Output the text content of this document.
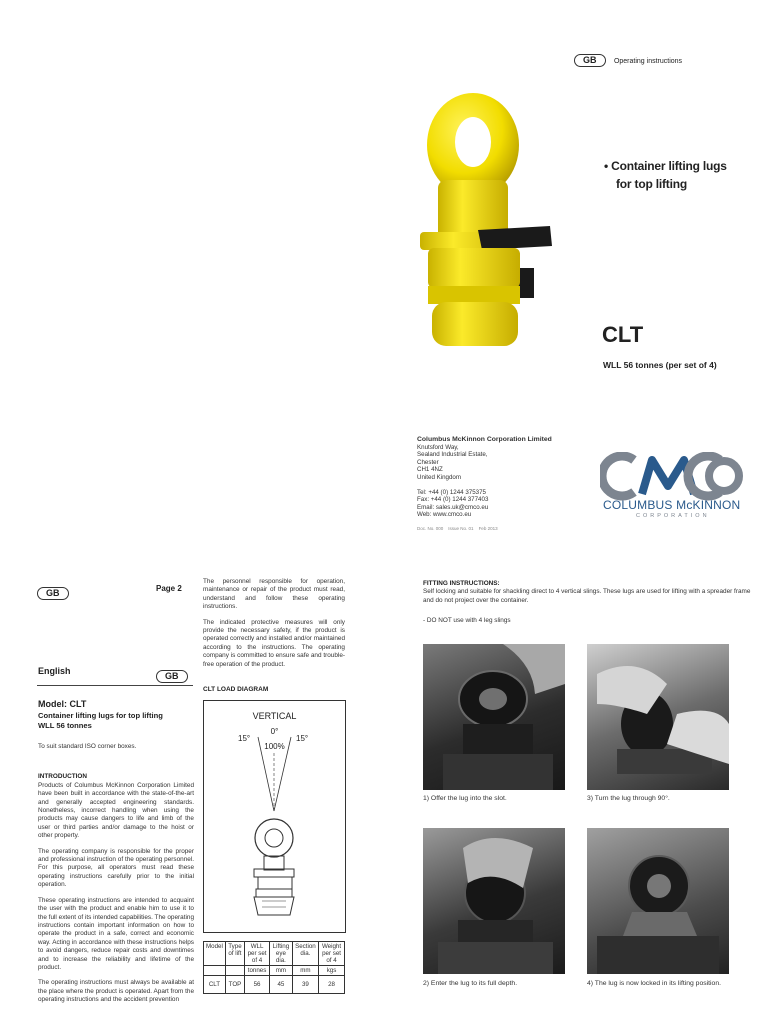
GB Operating instructions
• Container lifting lugs
for top lifting
CLT
WLL 56 tonnes (per set of 4)
Columbus McKinnon Corporation Limited
Knutsford Way,
Sealand Industrial Estate,
Chester
CH1 4NZ
United Kingdom
Tel: +44 (0) 1244 375375
Fax: +44 (0) 1244 377403
Email: sales.uk@cmco.eu
Web: www.cmco.eu
Doc. No. 000 Issue No. 01 Feb 2013
COLUMBUS McKINNON
CORPORATION
GB	Page 2
English	GB
Model: CLT
Container lifting lugs for top lifting
WLL 56 tonnes
To suit standard ISO corner boxes.
INTRODUCTION

Products of Columbus McKinnon Corporation Limited have been built in accordance with the state-of-the-art and generally accepted engineering standards. Nonetheless, incorrect handling when using the products may cause dangers to life and limb of the user or third parties and/or damage to the hoist or other property.

The operating company is responsible for the proper and professional instruction of the operating personnel. For this purpose, all operators must read these operating instructions carefully prior to the initial operation.

These operating instructions are intended to acquaint the user with the product and enable him to use it to the full extent of its intended capabilities. The operating instructions contain important information on how to operate the product in a safe, correct and economic way. Acting in accordance with these instructions helps to avoid dangers, reduce repair costs and downtimes and to increase the reliability and lifetime of the product.

The operating instructions must always be available at the place where the product is operated. Apart from the operating instructions and the accident prevention

The personnel responsible for operation, maintenance or repair of the product must read, understand and follow these operating instructions.

The indicated protective measures will only provide the necessary safety, if the product is operated correctly and installed and/or maintained according to the instructions. The operating company is committed to ensure safe and trouble-free operation of the product.

CLT LOAD DIAGRAM
VERTICAL
0°
15°	15°
100%
Model	Type of lift	WLL per set of 4	Lifting eye dia.	Section dia.	Weight per set of 4
		tonnes	mm	mm	kgs
CLT	TOP	56	45	39	28
FITTING INSTRUCTIONS:
Self locking and suitable for shackling direct to 4 vertical slings. These lugs are used for lifting with a spreader frame and do not project over the container.
- DO NOT use with 4 leg slings
1) Offer the lug into the slot.	3) Turn the lug through 90°.
2) Enter the lug to its full depth.	4) The lug is now locked in its lifting position.
